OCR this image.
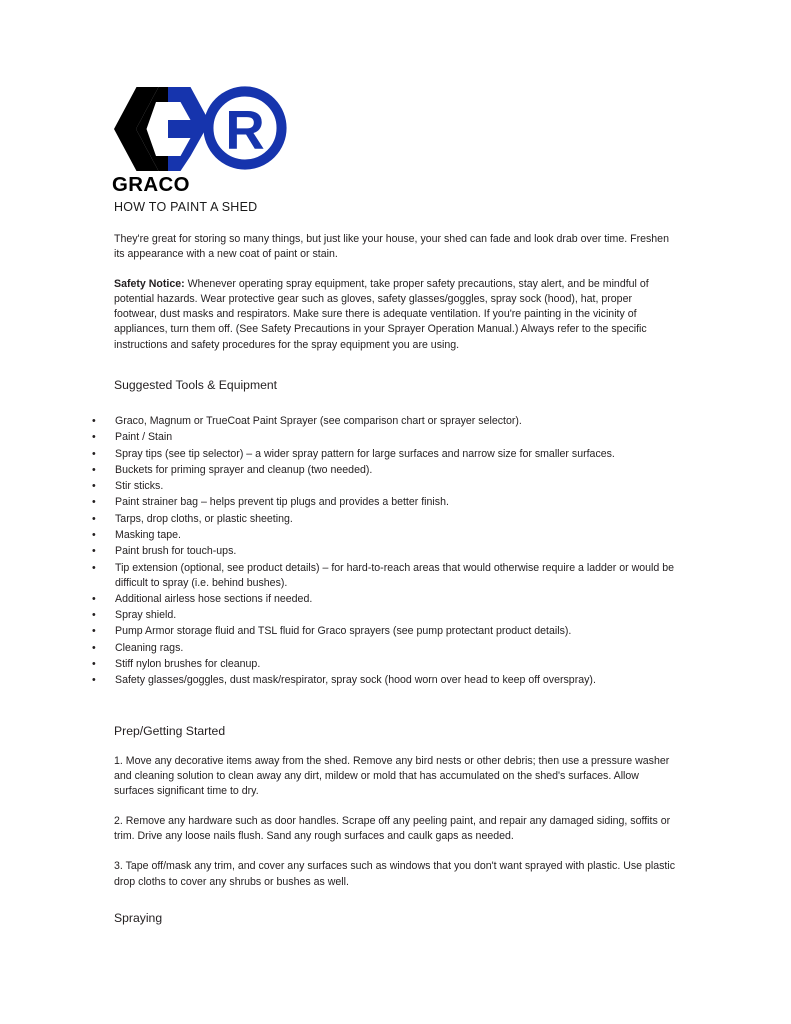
R
GRACO
HOW TO PAINT A SHED

They're great for storing so many things, but just like your house, your shed can fade and look drab over time. Freshen its appearance with a new coat of paint or stain.

Safety Notice: Whenever operating spray equipment, take proper safety precautions, stay alert, and be mindful of potential hazards. Wear protective gear such as gloves, safety glasses/goggles, spray sock (hood), hat, proper footwear, dust masks and respirators. Make sure there is adequate ventilation. If you're painting in the vicinity of appliances, turn them off. (See Safety Precautions in your Sprayer Operation Manual.) Always refer to the specific instructions and safety procedures for the spray equipment you are using.

Suggested Tools & Equipment
Prep/Getting Started
Spraying
•	Graco, Magnum or TrueCoat Paint Sprayer (see comparison chart or sprayer selector).
•	Paint / Stain
•	Spray tips (see tip selector) – a wider spray pattern for large surfaces and narrow size for smaller surfaces.
•	Buckets for priming sprayer and cleanup (two needed).
•	Stir sticks.
•	Paint strainer bag – helps prevent tip plugs and provides a better finish.
•	Tarps, drop cloths, or plastic sheeting.
•	Masking tape.
•	Paint brush for touch-ups.
•	Tip extension (optional, see product details) – for hard-to-reach areas that would otherwise require a ladder or would be difficult to spray (i.e. behind bushes).
•	Additional airless hose sections if needed.
•	Spray shield.
•	Pump Armor storage fluid and TSL fluid for Graco sprayers (see pump protectant product details).
•	Cleaning rags.
•	Stiff nylon brushes for cleanup.
•	Safety glasses/goggles, dust mask/respirator, spray sock (hood worn over head to keep off overspray).

1. Move any decorative items away from the shed. Remove any bird nests or other debris; then use a pressure washer and cleaning solution to clean away any dirt, mildew or mold that has accumulated on the shed's surfaces. Allow surfaces significant time to dry.

2. Remove any hardware such as door handles. Scrape off any peeling paint, and repair any damaged siding, soffits or trim. Drive any loose nails flush. Sand any rough surfaces and caulk gaps as needed.

3. Tape off/mask any trim, and cover any surfaces such as windows that you don't want sprayed with plastic. Use plastic drop cloths to cover any shrubs or bushes as well.
